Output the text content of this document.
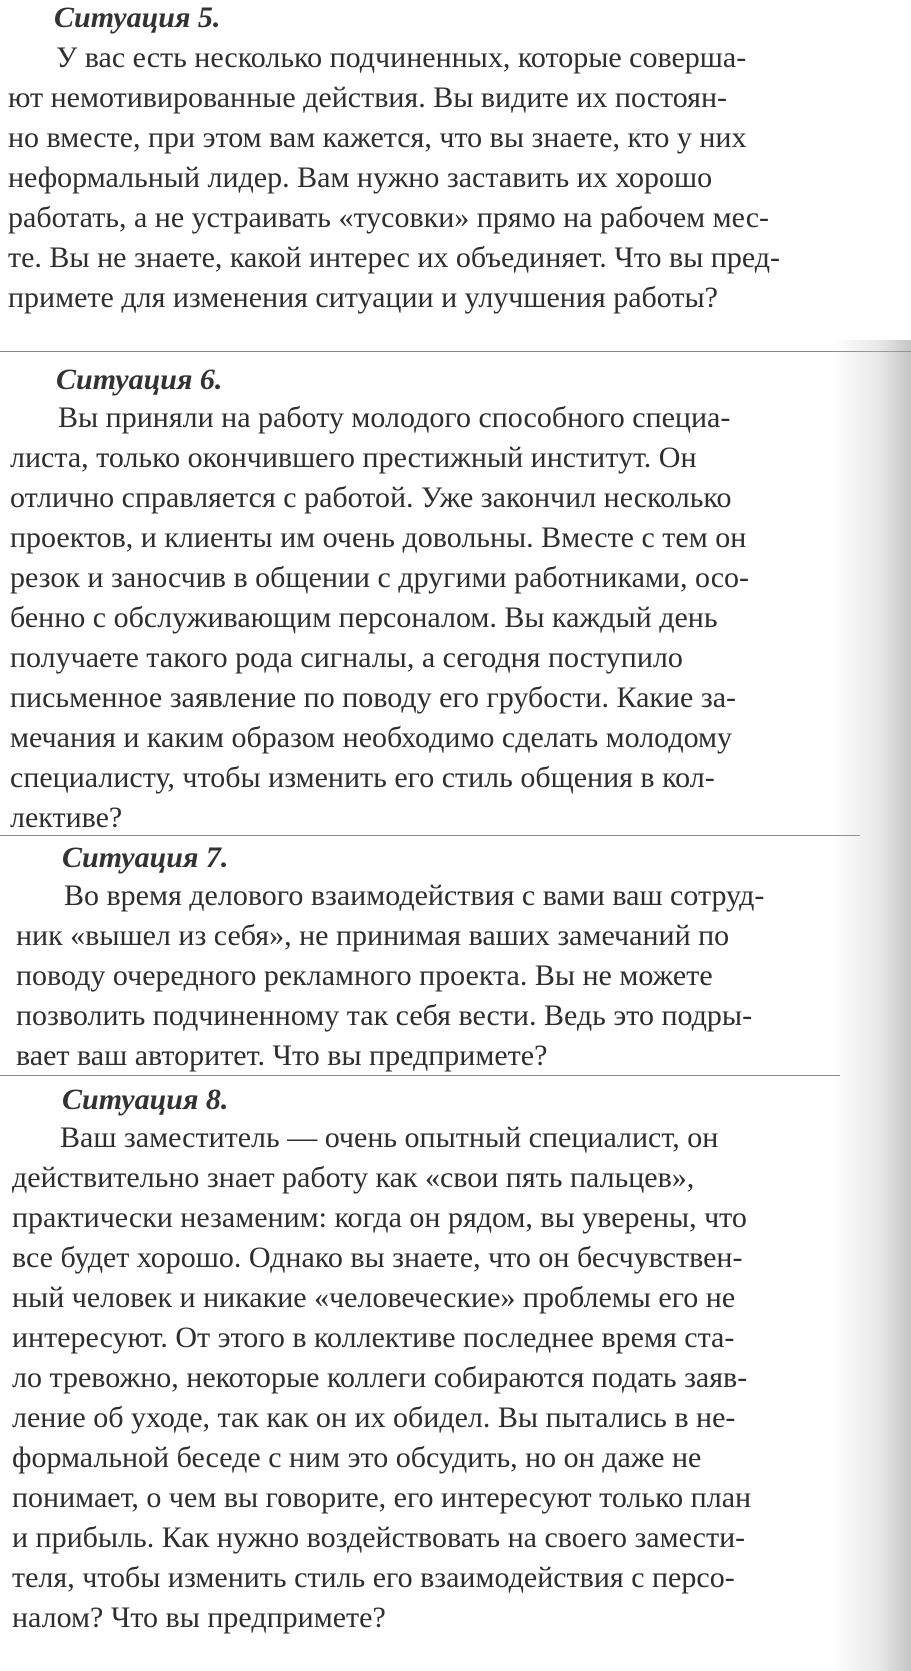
Ситуация 5.
У вас есть несколько подчиненных, которые соверша-
ют немотивированные действия. Вы видите их постоян-
но вместе, при этом вам кажется, что вы знаете, кто у них
неформальный лидер. Вам нужно заставить их хорошо
работать, а не устраивать «тусовки» прямо на рабочем мес-
те. Вы не знаете, какой интерес их объединяет. Что вы пред-
примете для изменения ситуации и улучшения работы?
Ситуация 6.
Вы приняли на работу молодого способного специа-
листа, только окончившего престижный институт. Он
отлично справляется с работой. Уже закончил несколько
проектов, и клиенты им очень довольны. Вместе с тем он
резок и заносчив в общении с другими работниками, осо-
бенно с обслуживающим персоналом. Вы каждый день
получаете такого рода сигналы, а сегодня поступило
письменное заявление по поводу его грубости. Какие за-
мечания и каким образом необходимо сделать молодому
специалисту, чтобы изменить его стиль общения в кол-
лективе?
Ситуация 7.
Во время делового взаимодействия с вами ваш сотруд-
ник «вышел из себя», не принимая ваших замечаний по
поводу очередного рекламного проекта. Вы не можете
позволить подчиненному так себя вести. Ведь это подры-
вает ваш авторитет. Что вы предпримете?
Ситуация 8.
Ваш заместитель — очень опытный специалист, он
действительно знает работу как «свои пять пальцев»,
практически незаменим: когда он рядом, вы уверены, что
все будет хорошо. Однако вы знаете, что он бесчувствен-
ный человек и никакие «человеческие» проблемы его не
интересуют. От этого в коллективе последнее время ста-
ло тревожно, некоторые коллеги собираются подать заяв-
ление об уходе, так как он их обидел. Вы пытались в не-
формальной беседе с ним это обсудить, но он даже не
понимает, о чем вы говорите, его интересуют только план
и прибыль. Как нужно воздействовать на своего замести-
теля, чтобы изменить стиль его взаимодействия с персо-
налом? Что вы предпримете?
